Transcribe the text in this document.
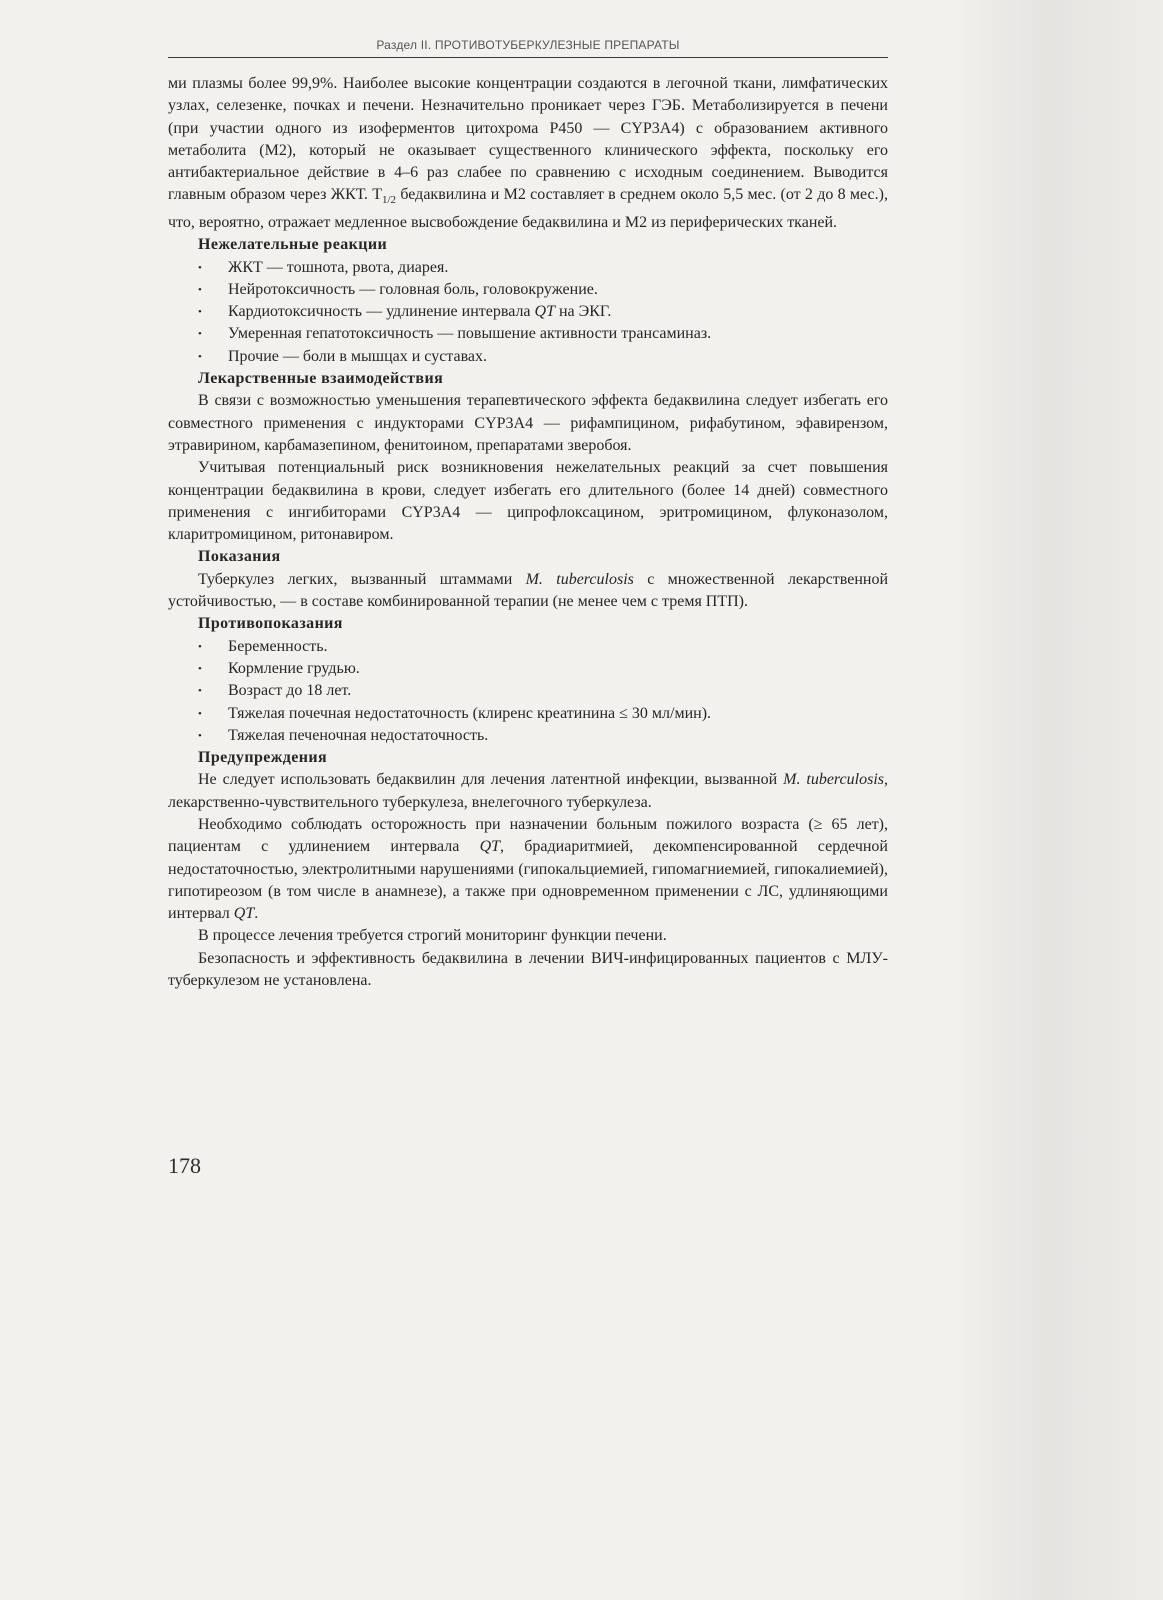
Раздел II. ПРОТИВОТУБЕРКУЛЕЗНЫЕ ПРЕПАРАТЫ

ми плазмы более 99,9%. Наиболее высокие концентрации создаются в легочной ткани, лимфатических узлах, селезенке, почках и печени. Незначительно проникает через ГЭБ. Метаболизируется в печени (при участии одного из изоферментов цитохрома P450 — CYP3A4) с образованием активного метаболита (M2), который не оказывает существенного клинического эффекта, поскольку его антибактериальное действие в 4–6 раз слабее по сравнению с исходным соединением. Выводится главным образом через ЖКТ. $T_{1/2}$ бедаквилина и M2 составляет в среднем около 5,5 мес. (от 2 до 8 мес.), что, вероятно, отражает медленное высвобождение бедаквилина и M2 из периферических тканей.

Нежелательные реакции
• ЖКТ — тошнота, рвота, диарея.
• Нейротоксичность — головная боль, головокружение.
• Кардиотоксичность — удлинение интервала QT на ЭКГ.
• Умеренная гепатотоксичность — повышение активности трансаминаз.
• Прочие — боли в мышцах и суставах.
Лекарственные взаимодействия

В связи с возможностью уменьшения терапевтического эффекта бедаквилина следует избегать его совместного применения с индукторами CYP3A4 — рифампицином, рифабутином, эфавирензом, этравирином, карбамазепином, фенитоином, препаратами зверобоя.

Учитывая потенциальный риск возникновения нежелательных реакций за счет повышения концентрации бедаквилина в крови, следует избегать его длительного (более 14 дней) совместного применения с ингибиторами CYP3A4 — ципрофлоксацином, эритромицином, флуконазолом, кларитромицином, ритонавиром.

Показания

Туберкулез легких, вызванный штаммами M. tuberculosis с множественной лекарственной устойчивостью, — в составе комбинированной терапии (не менее чем с тремя ПТП).

Противопоказания
• Беременность.
• Кормление грудью.
• Возраст до 18 лет.
• Тяжелая почечная недостаточность (клиренс креатинина ≤ 30 мл/мин).
• Тяжелая печеночная недостаточность.
Предупреждения

Не следует использовать бедаквилин для лечения латентной инфекции, вызванной M. tuberculosis, лекарственно-чувствительного туберкулеза, внелегочного туберкулеза.

Необходимо соблюдать осторожность при назначении больным пожилого возраста (≥ 65 лет), пациентам с удлинением интервала QT, брадиаритмией, декомпенсированной сердечной недостаточностью, электролитными нарушениями (гипокальциемией, гипомагниемией, гипокалиемией), гипотиреозом (в том числе в анамнезе), а также при одновременном применении с ЛС, удлиняющими интервал QT.

В процессе лечения требуется строгий мониторинг функции печени.

Безопасность и эффективность бедаквилина в лечении ВИЧ-инфицированных пациентов с МЛУ-туберкулезом не установлена.

178
